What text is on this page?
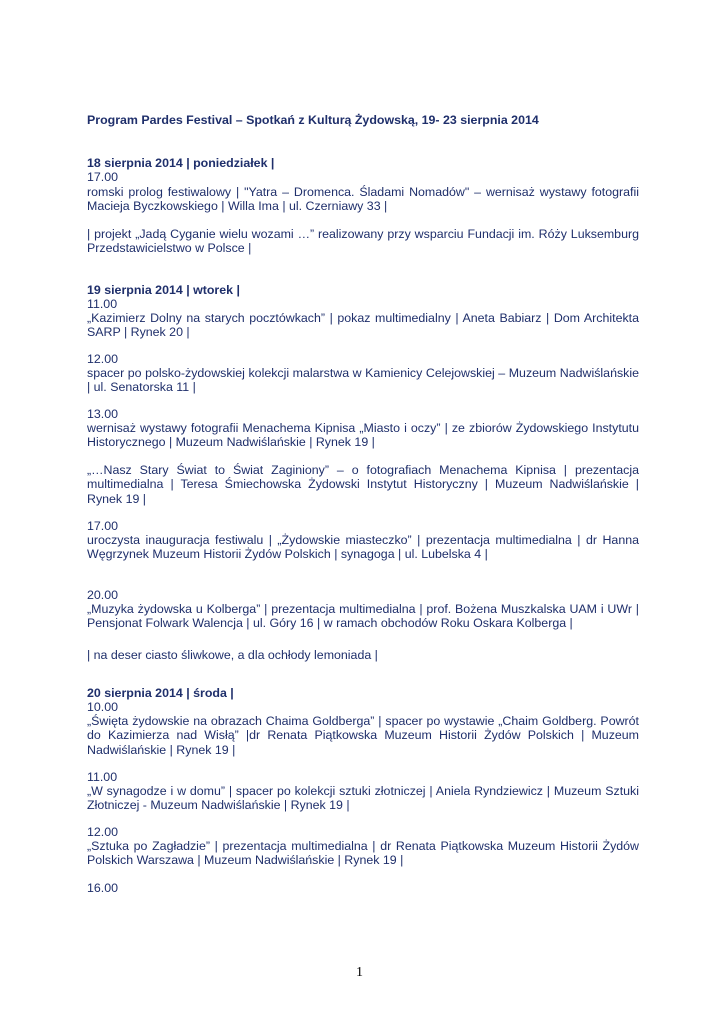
Program Pardes Festival – Spotkań z Kulturą Żydowską, 19- 23 sierpnia 2014
18 sierpnia 2014 | poniedziałek |
17.00
romski prolog festiwalowy | "Yatra – Dromenca. Śladami Nomadów" – wernisaż wystawy fotografii Macieja Byczkowskiego | Willa Ima | ul. Czerniawy 33 |
| projekt „Jadą Cyganie wielu wozami …” realizowany przy wsparciu Fundacji im. Róży Luksemburg Przedstawicielstwo w Polsce |
19 sierpnia 2014 | wtorek |
11.00
„Kazimierz Dolny na starych pocztówkach” | pokaz multimedialny | Aneta Babiarz | Dom Architekta SARP | Rynek 20 |
12.00
spacer po polsko-żydowskiej kolekcji malarstwa w Kamienicy Celejowskiej – Muzeum Nadwiślańskie | ul. Senatorska 11 |
13.00
wernisaż wystawy fotografii Menachema Kipnisa „Miasto i oczy” | ze zbiorów Żydowskiego Instytutu Historycznego | Muzeum Nadwiślańskie | Rynek 19 |
„…Nasz Stary Świat to Świat Zaginiony” – o fotografiach Menachema Kipnisa | prezentacja multimedialna | Teresa Śmiechowska Żydowski Instytut Historyczny | Muzeum Nadwiślańskie | Rynek 19 |
17.00
uroczysta inauguracja festiwalu | „Żydowskie miasteczko” | prezentacja multimedialna | dr Hanna Węgrzynek Muzeum Historii Żydów Polskich | synagoga | ul. Lubelska 4 |
20.00
„Muzyka żydowska u Kolberga” | prezentacja multimedialna | prof. Bożena Muszkalska UAM i UWr | Pensjonat Folwark Walencja | ul. Góry 16 | w ramach obchodów Roku Oskara Kolberga |
| na deser ciasto śliwkowe, a dla ochłody lemoniada |
20 sierpnia 2014 | środa |
10.00
„Święta żydowskie na obrazach Chaima Goldberga” | spacer po wystawie „Chaim Goldberg. Powrót do Kazimierza nad Wisłą” |dr Renata Piątkowska Muzeum Historii Żydów Polskich | Muzeum Nadwiślańskie | Rynek 19 |
11.00
„W synagodze i w domu” | spacer po kolekcji sztuki złotniczej | Aniela Ryndziewicz | Muzeum Sztuki Złotniczej - Muzeum Nadwiślańskie | Rynek 19 |
12.00
„Sztuka po Zagładzie” | prezentacja multimedialna | dr Renata Piątkowska Muzeum Historii Żydów Polskich Warszawa | Muzeum Nadwiślańskie | Rynek 19 |
16.00
1
